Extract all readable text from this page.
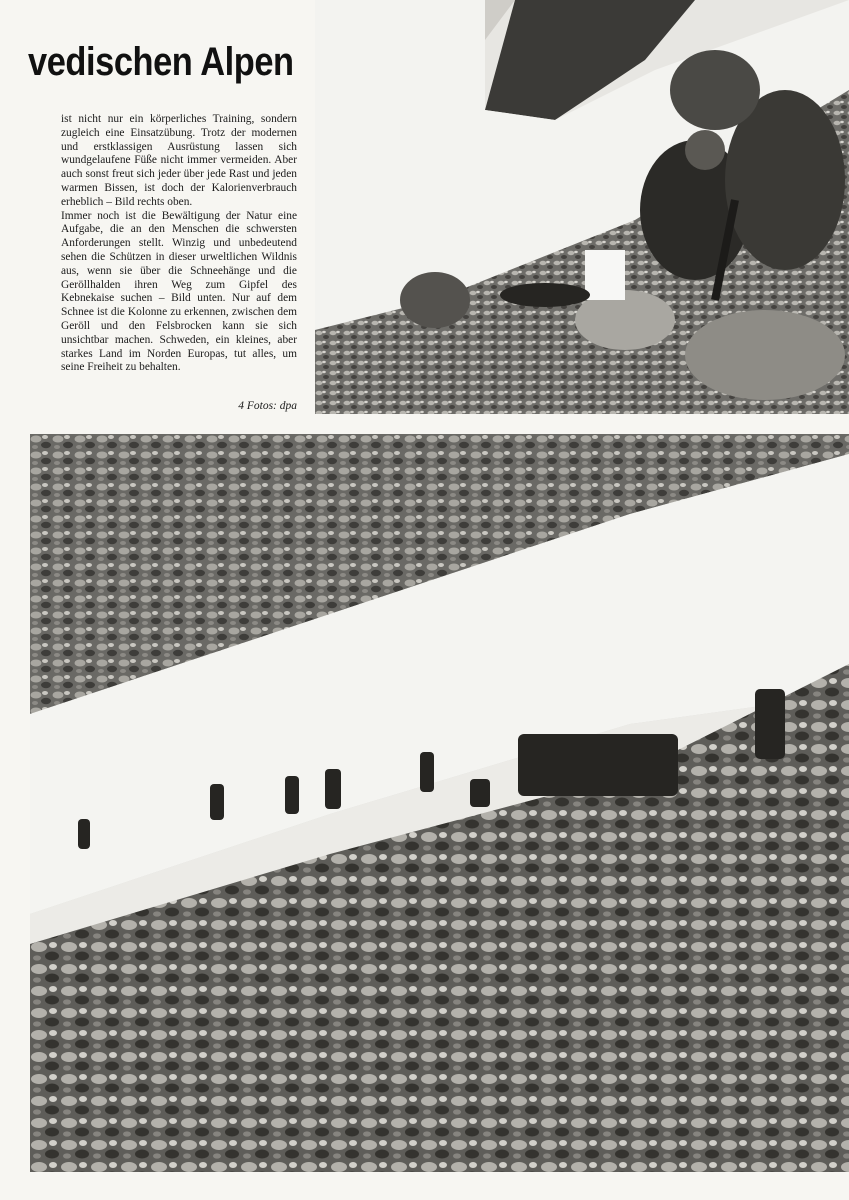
vedischen Alpen

ist nicht nur ein körperliches Training, sondern zugleich eine Einsatzübung. Trotz der modernen und erstklassigen Ausrüstung lassen sich wundgelaufene Füße nicht immer vermeiden. Aber auch sonst freut sich jeder über jede Rast und jeden warmen Bissen, ist doch der Kalorienverbrauch erheblich – Bild rechts oben.

Immer noch ist die Bewältigung der Natur eine Aufgabe, die an den Menschen die schwersten Anforderungen stellt. Winzig und unbedeutend sehen die Schützen in dieser urweltlichen Wildnis aus, wenn sie über die Schneehänge und die Geröllhalden ihren Weg zum Gipfel des Kebnekaise suchen – Bild unten. Nur auf dem Schnee ist die Kolonne zu erkennen, zwischen dem Geröll und den Felsbrocken kann sie sich unsichtbar machen. Schweden, ein kleines, aber starkes Land im Norden Europas, tut alles, um seine Freiheit zu behalten.

4 Fotos: dpa
